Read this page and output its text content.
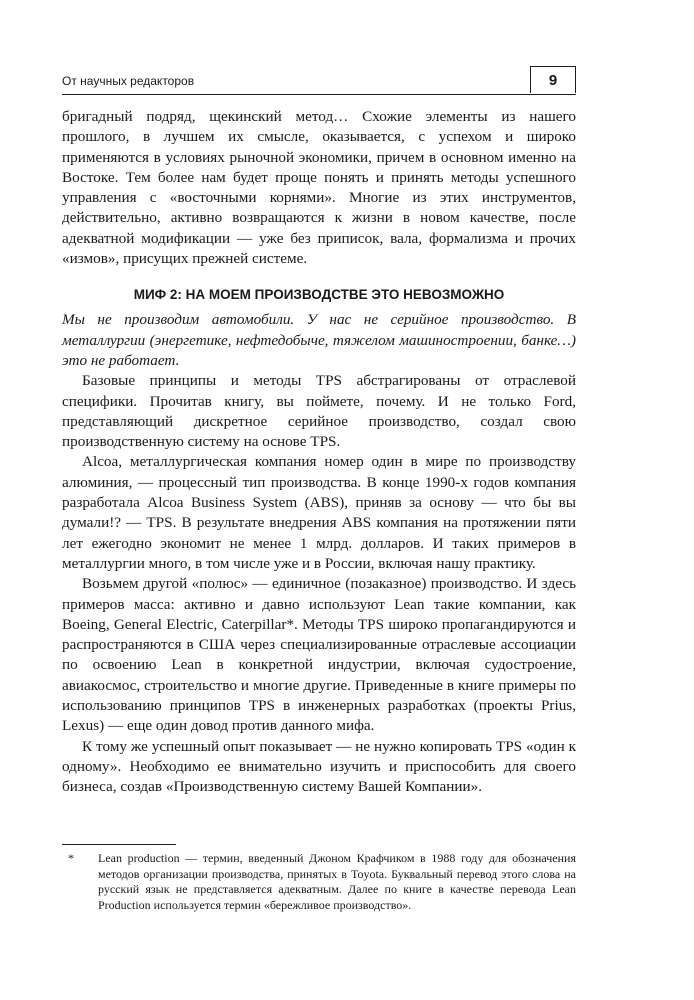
От научных редакторов	9

бригадный подряд, щекинский метод… Схожие элементы из нашего прошлого, в лучшем их смысле, оказывается, с успехом и широко применяются в условиях рыночной экономики, причем в основном именно на Востоке. Тем более нам будет проще понять и принять методы успешного управления с «восточными корнями». Многие из этих инструментов, действительно, активно возвращаются к жизни в новом качестве, после адекватной модификации — уже без приписок, вала, формализма и прочих «измов», присущих прежней системе.

МИФ 2: НА МОЕМ ПРОИЗВОДСТВЕ ЭТО НЕВОЗМОЖНО

Мы не производим автомобили. У нас не серийное производство. В металлургии (энергетике, нефтедобыче, тяжелом машиностроении, банке…) это не работает.

Базовые принципы и методы TPS абстрагированы от отраслевой специфики. Прочитав книгу, вы поймете, почему. И не только Ford, представляющий дискретное серийное производство, создал свою производственную систему на основе TPS.

Alcoa, металлургическая компания номер один в мире по производству алюминия, — процессный тип производства. В конце 1990-х годов компания разработала Alcoa Business System (ABS), приняв за основу — что бы вы думали!? — TPS. В результате внедрения ABS компания на протяжении пяти лет ежегодно экономит не менее 1 млрд. долларов. И таких примеров в металлургии много, в том числе уже и в России, включая нашу практику.

Возьмем другой «полюс» — единичное (позаказное) производство. И здесь примеров масса: активно и давно используют Lean такие компании, как Boeing, General Electric, Caterpillar*. Методы TPS широко пропагандируются и распространяются в США через специализированные отраслевые ассоциации по освоению Lean в конкретной индустрии, включая судостроение, авиакосмос, строительство и многие другие. Приведенные в книге примеры по использованию принципов TPS в инженерных разработках (проекты Prius, Lexus) — еще один довод против данного мифа.

К тому же успешный опыт показывает — не нужно копировать TPS «один к одному». Необходимо ее внимательно изучить и приспособить для своего бизнеса, создав «Производственную систему Вашей Компании».

* Lean production — термин, введенный Джоном Крафчиком в 1988 году для обозначения методов организации производства, принятых в Toyota. Буквальный перевод этого слова на русский язык не представляется адекватным. Далее по книге в качестве перевода Lean Production используется термин «бережливое производство».
